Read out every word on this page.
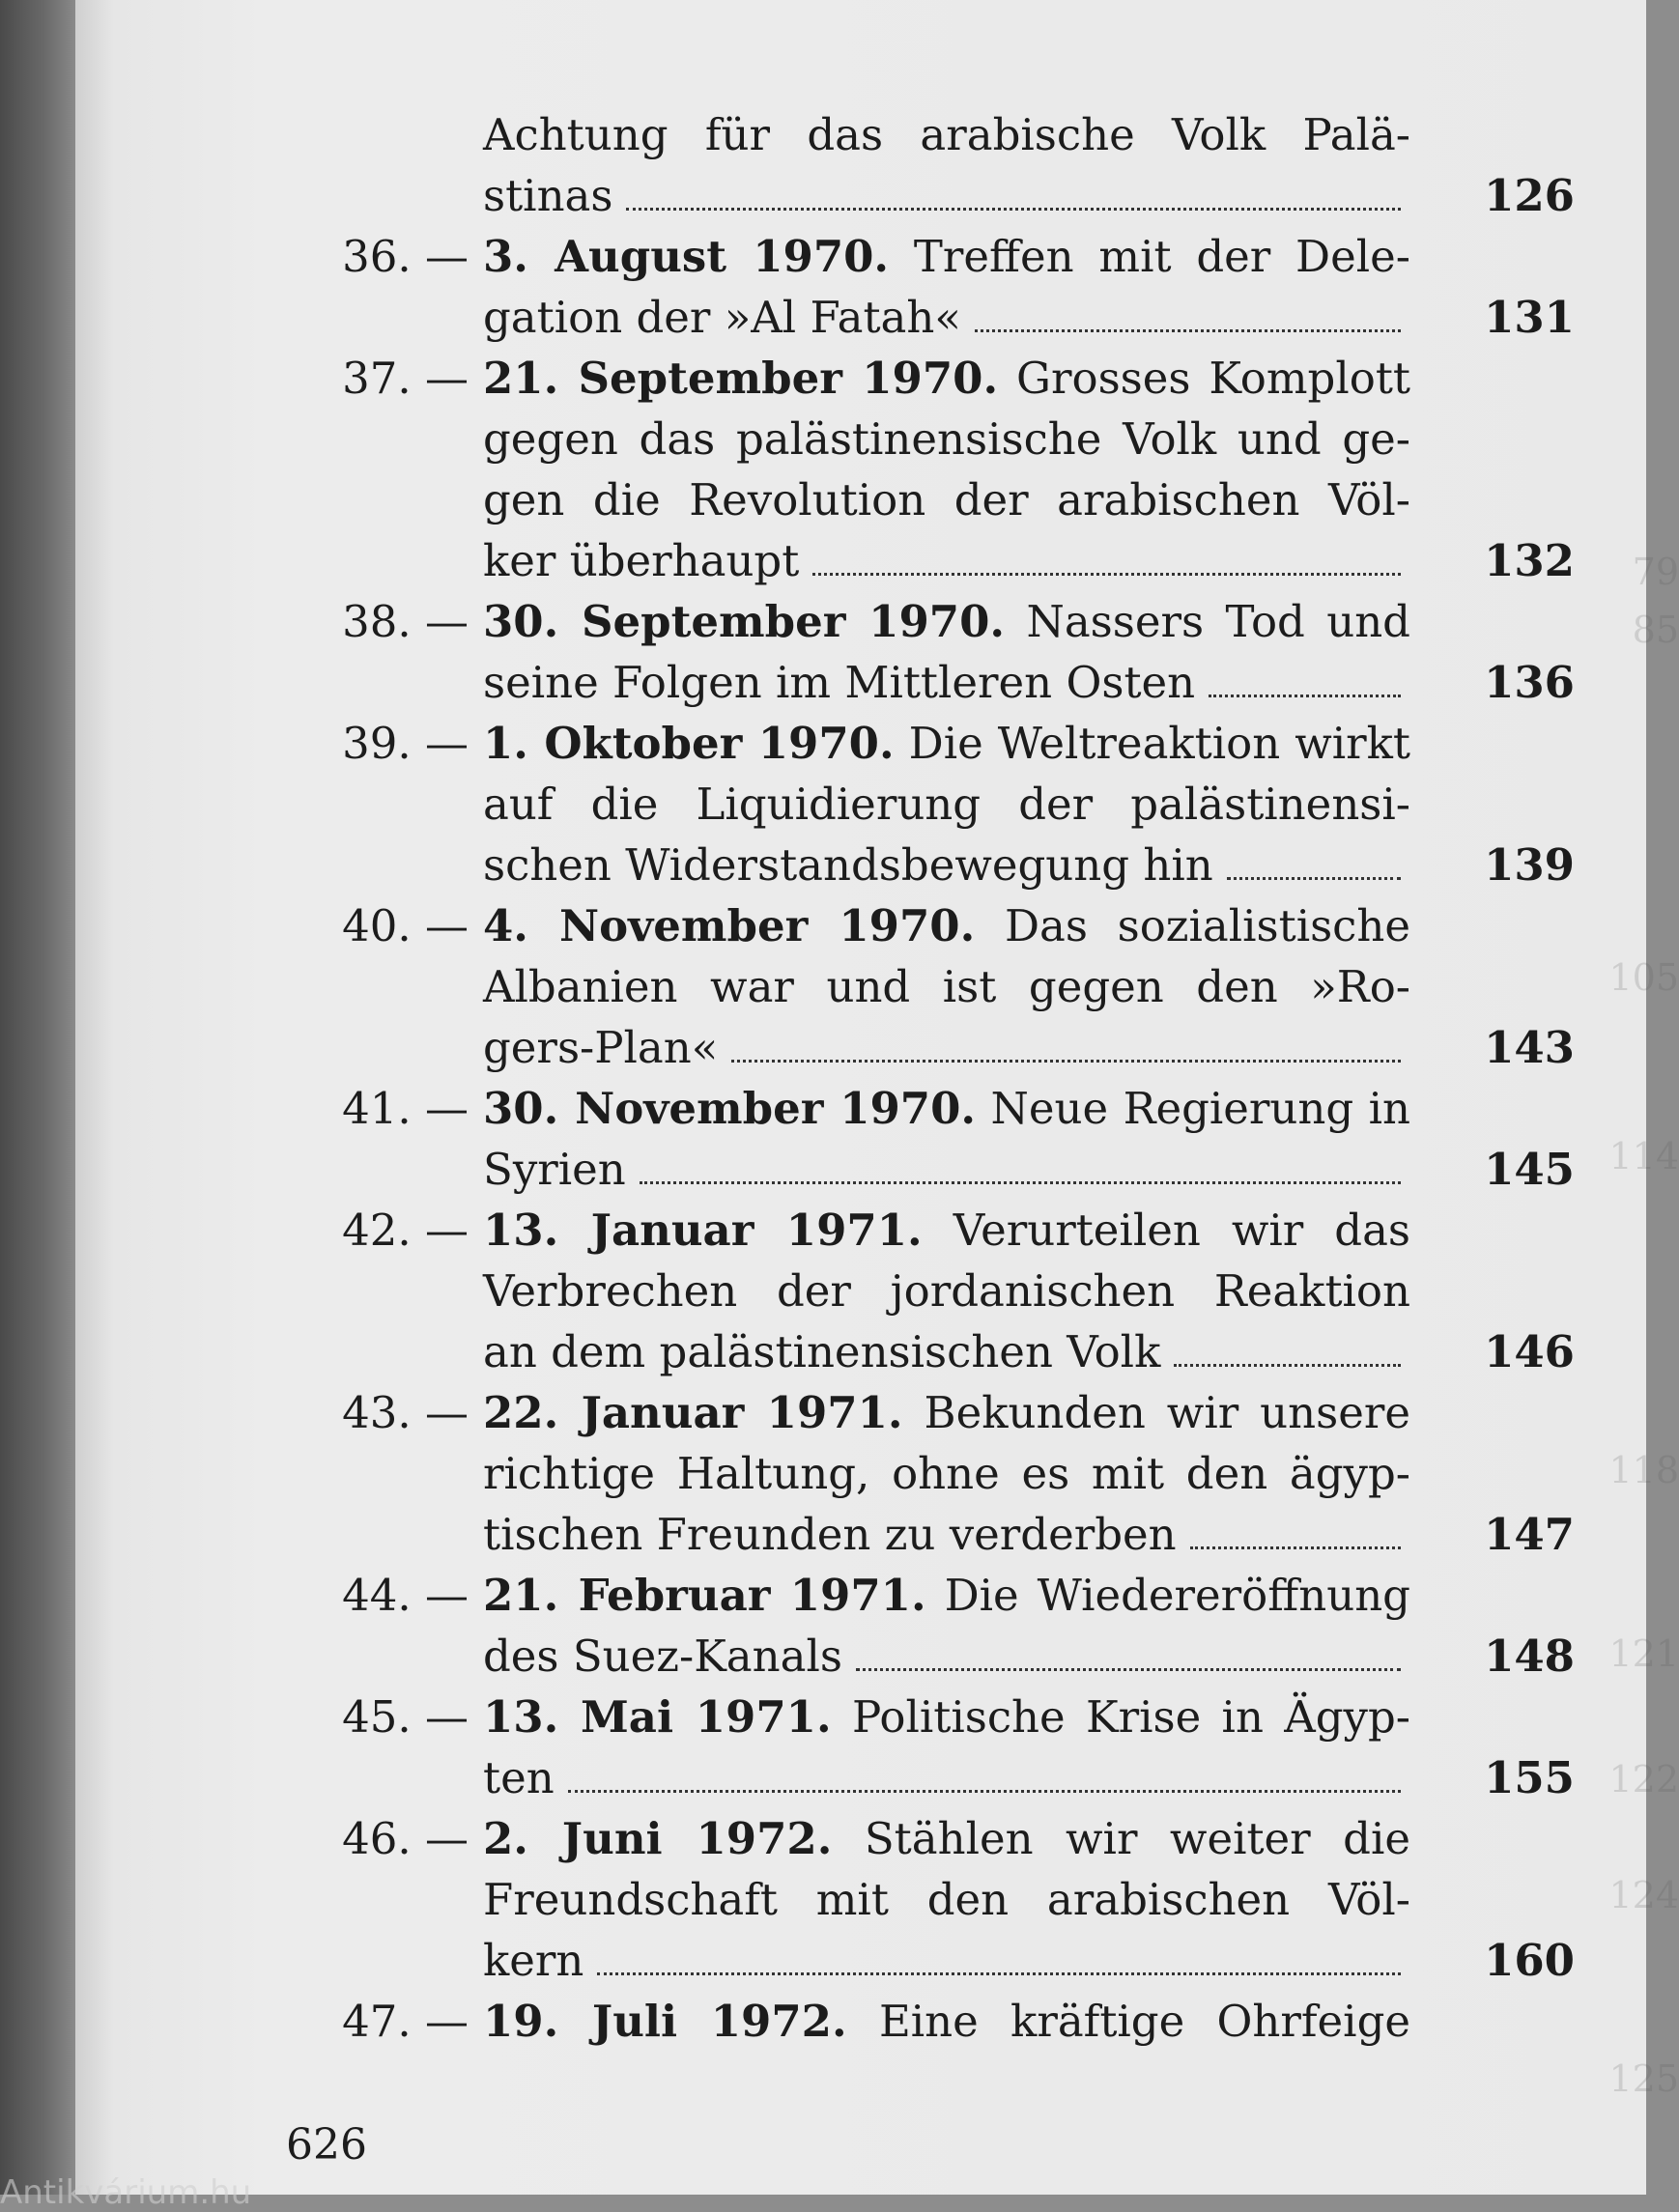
79
85
105
114
118
121
122
124
125
Achtung für das arabische Volk Palä-
stinas	126
36. — 3. August 1970. Treffen mit der Dele-
gation der »Al Fatah«	131
37. — 21. September 1970. Grosses Komplott
gegen das palästinensische Volk und ge-
gen die Revolution der arabischen Völ-
ker überhaupt	132
38. — 30. September 1970. Nassers Tod und
seine Folgen im Mittleren Osten	136
39. — 1. Oktober 1970. Die Weltreaktion wirkt
auf die Liquidierung der palästinensi-
schen Widerstandsbewegung hin	139
40. — 4. November 1970. Das sozialistische
Albanien war und ist gegen den »Ro-
gers-Plan«	143
41. — 30. November 1970. Neue Regierung in
Syrien	145
42. — 13. Januar 1971. Verurteilen wir das
Verbrechen der jordanischen Reaktion
an dem palästinensischen Volk	146
43. — 22. Januar 1971. Bekunden wir unsere
richtige Haltung, ohne es mit den ägyp-
tischen Freunden zu verderben	147
44. — 21. Februar 1971. Die Wiedereröffnung
des Suez-Kanals	148
45. — 13. Mai 1971. Politische Krise in Ägyp-
ten	155
46. — 2. Juni 1972. Stählen wir weiter die
Freundschaft mit den arabischen Völ-
kern	160
47. — 19. Juli 1972. Eine kräftige Ohrfeige
626
Antikvárium.hu
